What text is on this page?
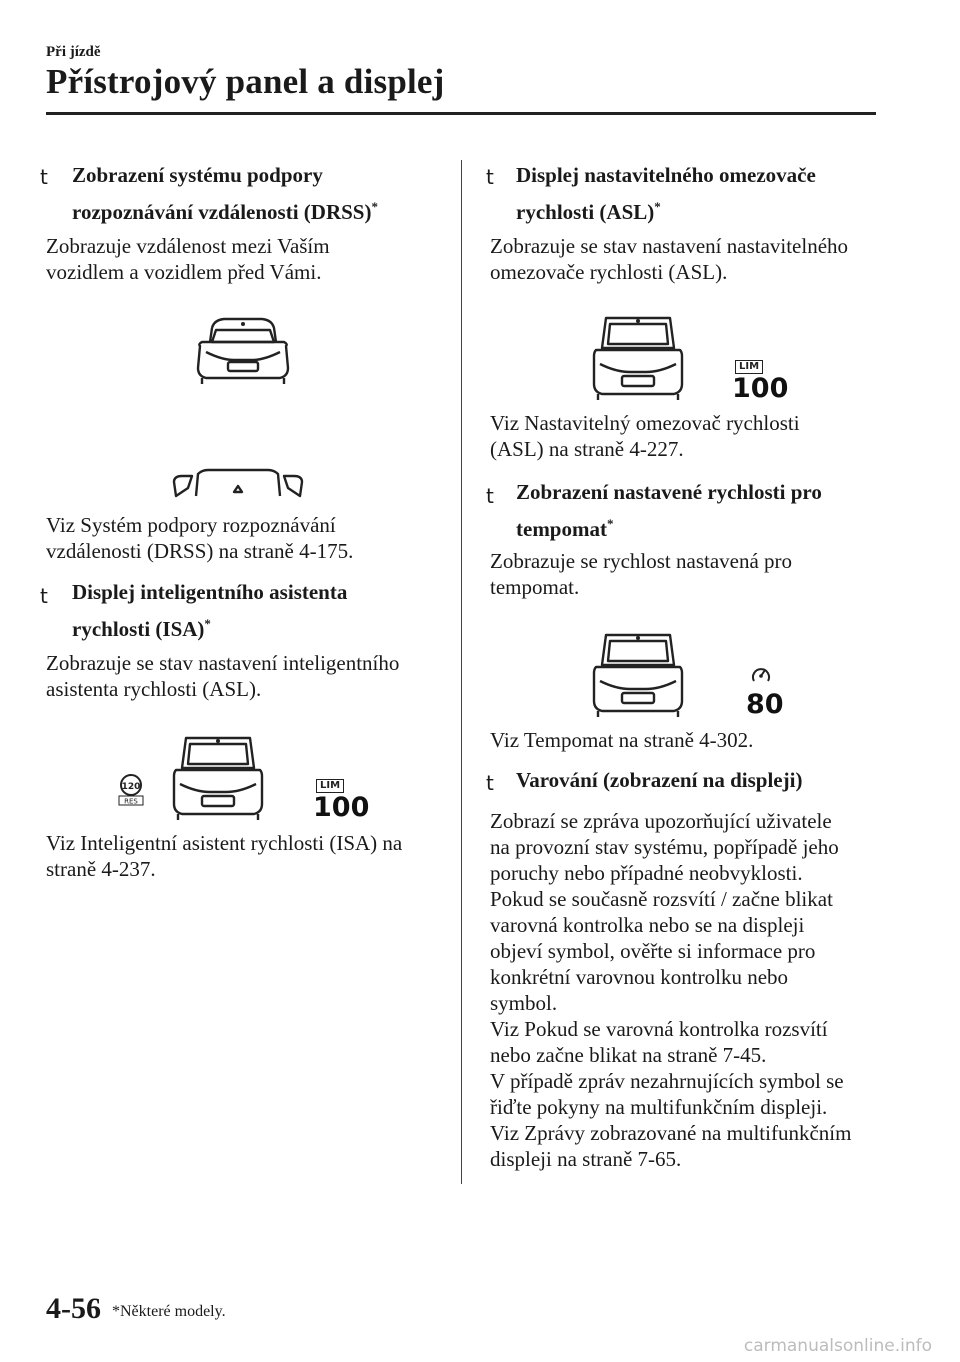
Při jízdě
Přístrojový panel a displej
t Zobrazení systému podpory
rozpoznávání vzdálenosti (DRSS)*
Zobrazuje vzdálenost mezi Vaším
vozidlem a vozidlem před Vámi.
Viz Systém podpory rozpoznávání
vzdálenosti (DRSS) na straně 4-175.
t Displej inteligentního asistenta
rychlosti (ISA)*
Zobrazuje se stav nastavení inteligentního
asistenta rychlosti (ASL).
120
RES
LIM
100
Viz Inteligentní asistent rychlosti (ISA) na
straně 4-237.
t Displej nastavitelného omezovače
rychlosti (ASL)*
Zobrazuje se stav nastavení nastavitelného
omezovače rychlosti (ASL).
LIM
100
Viz Nastavitelný omezovač rychlosti
(ASL) na straně 4-227.
t Zobrazení nastavené rychlosti pro
tempomat*
Zobrazuje se rychlost nastavená pro
tempomat.
80
Viz Tempomat na straně 4-302.
t Varování (zobrazení na displeji)
Zobrazí se zpráva upozorňující uživatele
na provozní stav systému, popřípadě jeho
poruchy nebo případné neobvyklosti.
Pokud se současně rozsvítí / začne blikat
varovná kontrolka nebo se na displeji
objeví symbol, ověřte si informace pro
konkrétní varovnou kontrolku nebo
symbol.
Viz Pokud se varovná kontrolka rozsvítí
nebo začne blikat na straně 7-45.
V případě zpráv nezahrnujících symbol se
řiďte pokyny na multifunkčním displeji.
Viz Zprávy zobrazované na multifunkčním
displeji na straně 7-65.
4-56 *Některé modely.
carmanualsonline.info
